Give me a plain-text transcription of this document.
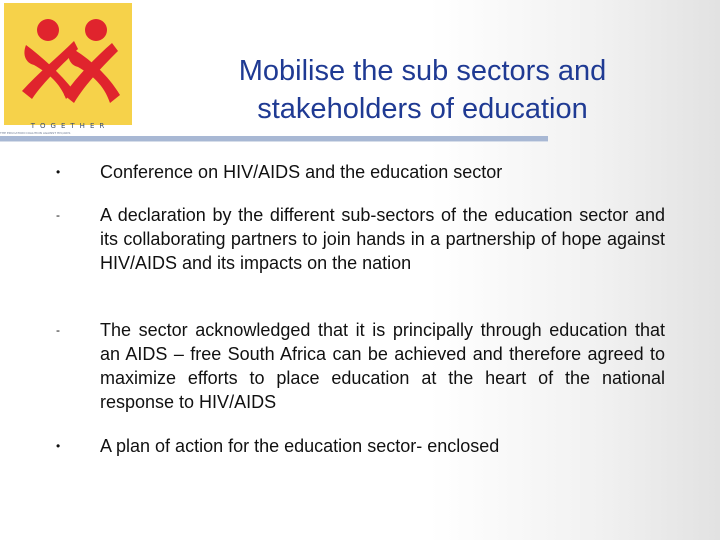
TOGETHER
THE EDUCATION COALITION AGAINST HIV/AIDS
Mobilise the sub sectors and
stakeholders of education
•	Conference on HIV/AIDS and the education sector

-	A declaration by the different sub-sectors of the education sector and its collaborating partners to join hands in a partnership of hope against HIV/AIDS and its impacts on the nation

-	The sector acknowledged that it is principally through education that an AIDS – free South Africa can be achieved and therefore agreed to maximize efforts to place education at the heart of the national response to HIV/AIDS

•	A plan of action for the education sector- enclosed
